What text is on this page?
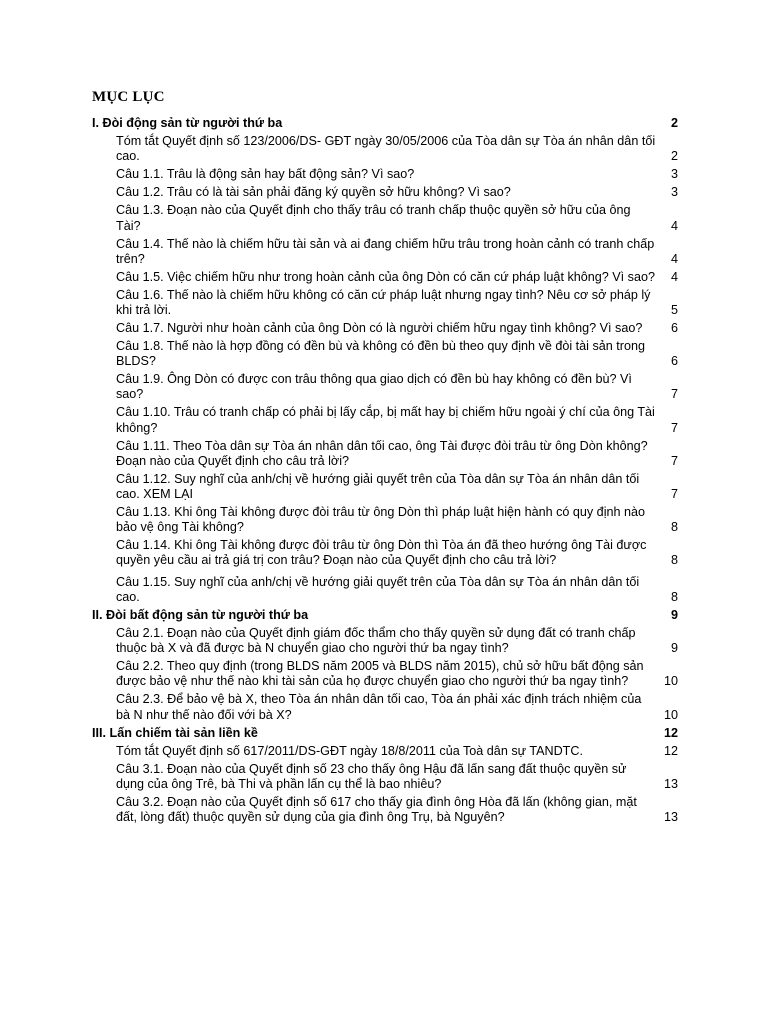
MỤC LỤC
I. Đòi động sản từ người thứ ba	2
Tóm tắt Quyết định số 123/2006/DS- GĐT ngày 30/05/2006 của Tòa dân sự Tòa án nhân dân tối cao.	2
Câu 1.1. Trâu là động sản hay bất động sản? Vì sao?	3
Câu 1.2. Trâu có là tài sản phải đăng ký quyền sở hữu không? Vì sao?	3
Câu 1.3. Đoạn nào của Quyết định cho thấy trâu có tranh chấp thuộc quyền sở hữu của ông Tài?	4
Câu 1.4. Thế nào là chiếm hữu tài sản và ai đang chiếm hữu trâu trong hoàn cảnh có tranh chấp trên?	4
Câu 1.5. Việc chiếm hữu như trong hoàn cảnh của ông Dòn có căn cứ pháp luật không? Vì sao?	4
Câu 1.6. Thế nào là chiếm hữu không có căn cứ pháp luật nhưng ngay tình? Nêu cơ sở pháp lý khi trả lời.	5
Câu 1.7. Người như hoàn cảnh của ông Dòn có là người chiếm hữu ngay tình không? Vì sao?	6
Câu 1.8. Thế nào là hợp đồng có đền bù và không có đền bù theo quy định về đòi tài sản trong BLDS?	6
Câu 1.9. Ông Dòn có được con trâu thông qua giao dịch có đền bù hay không có đền bù? Vì sao?	7
Câu 1.10. Trâu có tranh chấp có phải bị lấy cắp, bị mất hay bị chiếm hữu ngoài ý chí của ông Tài không?	7
Câu 1.11. Theo Tòa dân sự Tòa án nhân dân tối cao, ông Tài được đòi trâu từ ông Dòn không? Đoạn nào của Quyết định cho câu trả lời?	7
Câu 1.12. Suy nghĩ của anh/chị về hướng giải quyết trên của Tòa dân sự Tòa án nhân dân tối cao. XEM LẠI	7
Câu 1.13. Khi ông Tài không được đòi trâu từ ông Dòn thì pháp luật hiện hành có quy định nào bảo vệ ông Tài không?	8
Câu 1.14. Khi ông Tài không được đòi trâu từ ông Dòn thì Tòa án đã theo hướng ông Tài được quyền yêu cầu ai trả giá trị con trâu? Đoạn nào của Quyết định cho câu trả lời?	8
Câu 1.15. Suy nghĩ của anh/chị về hướng giải quyết trên của Tòa dân sự Tòa án nhân dân tối cao.	8
II. Đòi bất động sản từ người thứ ba	9
Câu 2.1. Đoạn nào của Quyết định giám đốc thẩm cho thấy quyền sử dụng đất có tranh chấp thuộc bà X và đã được bà N chuyển giao cho người thứ ba ngay tình?	9
Câu 2.2. Theo quy định (trong BLDS năm 2005 và BLDS năm 2015), chủ sở hữu bất động sản được bảo vệ như thế nào khi tài sản của họ được chuyển giao cho người thứ ba ngay tình?	10
Câu 2.3. Để bảo vệ bà X, theo Tòa án nhân dân tối cao, Tòa án phải xác định trách nhiệm của bà N như thế nào đối với bà X?	10
III. Lấn chiếm tài sản liền kề	12
Tóm tắt Quyết định số 617/2011/DS-GĐT ngày 18/8/2011 của Toà dân sự TANDTC.	12
Câu 3.1. Đoạn nào của Quyết định số 23 cho thấy ông Hậu đã lấn sang đất thuộc quyền sử dụng của ông Trê, bà Thi và phần lấn cụ thể là bao nhiêu?	13
Câu 3.2. Đoạn nào của Quyết định số 617 cho thấy gia đình ông Hòa đã lấn (không gian, mặt đất, lòng đất) thuộc quyền sử dụng của gia đình ông Trụ, bà Nguyên?	13
